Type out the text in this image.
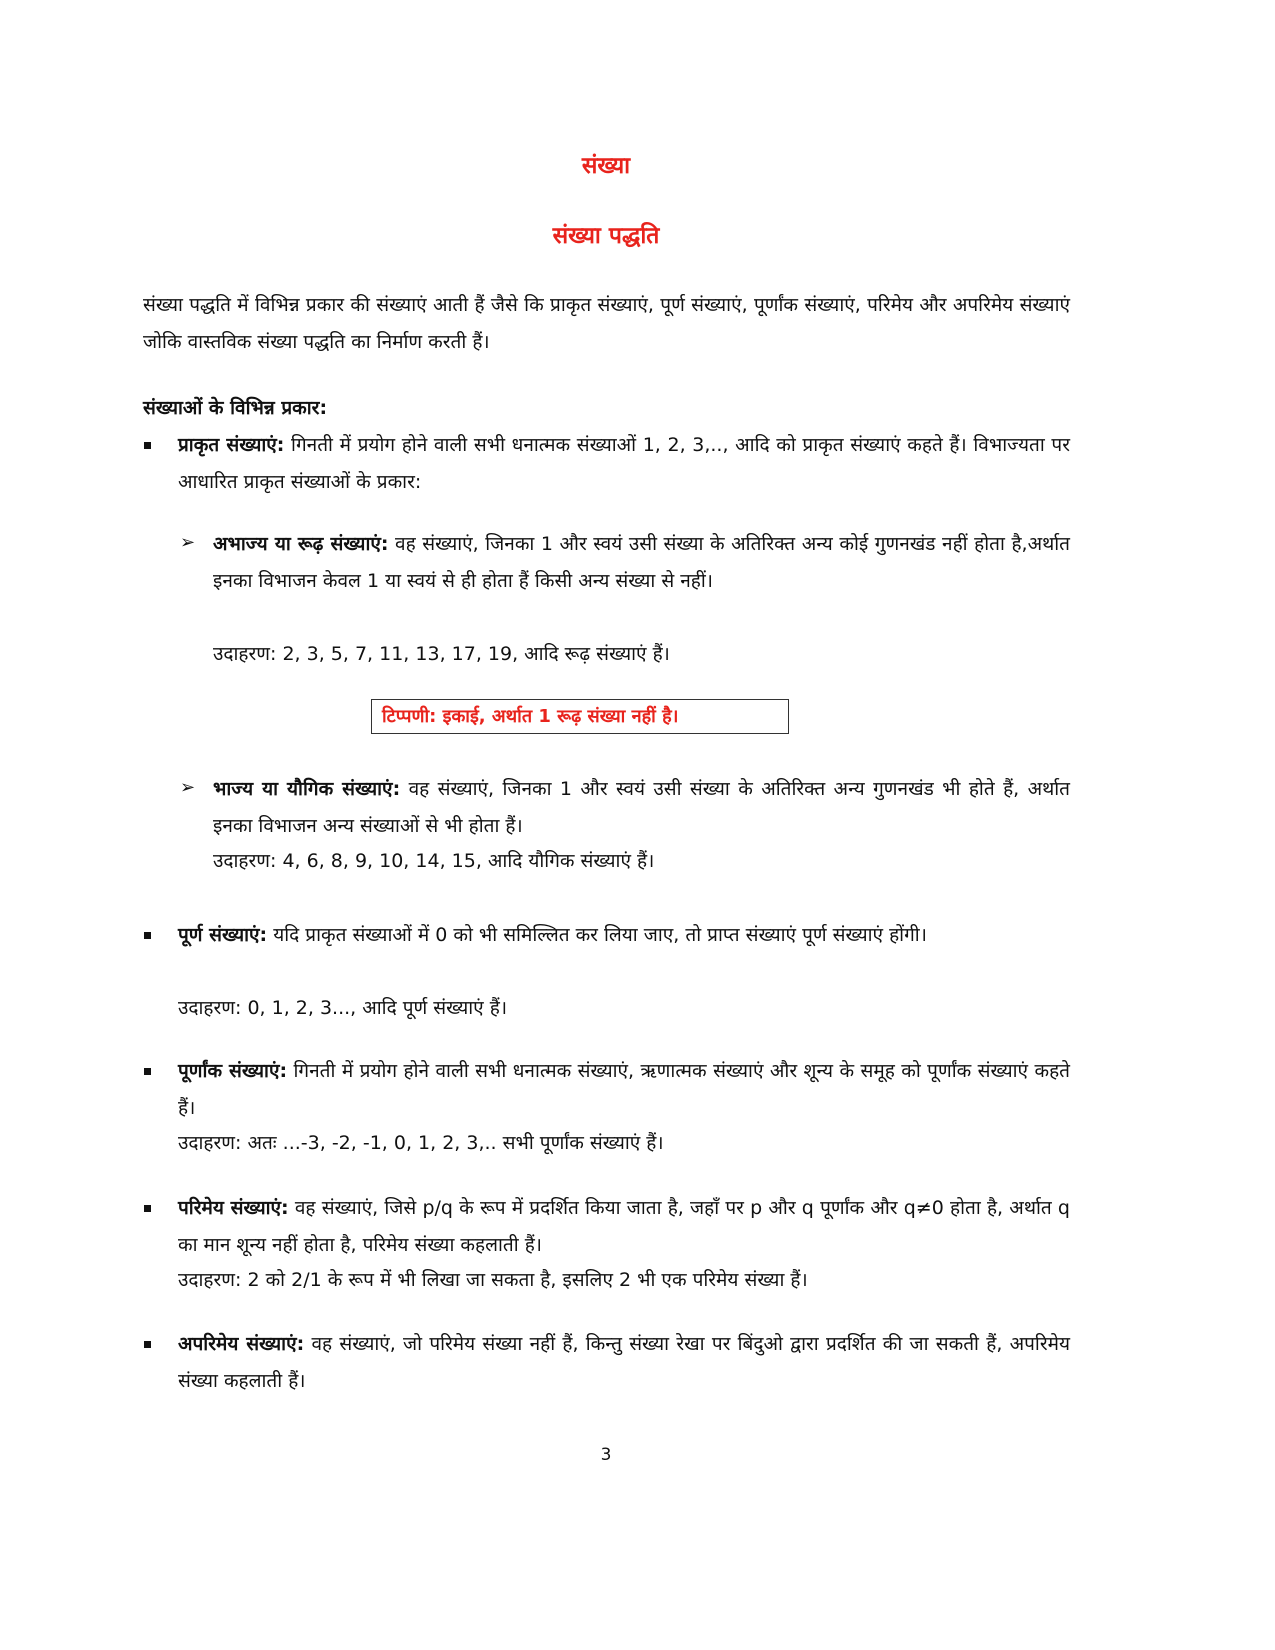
संख्या
संख्या पद्धति
संख्या पद्धति में विभिन्न प्रकार की संख्याएं आती हैं जैसे कि प्राकृत संख्याएं, पूर्ण संख्याएं, पूर्णांक संख्याएं, परिमेय और अपरिमेय संख्याएं जोकि वास्तविक संख्या पद्धति का निर्माण करती हैं।
संख्याओं के विभिन्न प्रकार:
प्राकृत संख्याएं: गिनती में प्रयोग होने वाली सभी धनात्मक संख्याओं 1, 2, 3,.., आदि को प्राकृत संख्याएं कहते हैं। विभाज्यता पर आधारित प्राकृत संख्याओं के प्रकार:
➢ अभाज्य या रूढ़ संख्याएं: वह संख्याएं, जिनका 1 और स्वयं उसी संख्या के अतिरिक्त अन्य कोई गुणनखंड नहीं होता है,अर्थात इनका विभाजन केवल 1 या स्वयं से ही होता हैं किसी अन्य संख्या से नहीं।
उदाहरण: 2, 3, 5, 7, 11, 13, 17, 19, आदि रूढ़ संख्याएं हैं।
टिप्पणी: इकाई, अर्थात 1 रूढ़ संख्या नहीं है।
➢ भाज्य या यौगिक संख्याएं: वह संख्याएं, जिनका 1 और स्वयं उसी संख्या के अतिरिक्त अन्य गुणनखंड भी होते हैं, अर्थात इनका विभाजन अन्य संख्याओं से भी होता हैं।
उदाहरण: 4, 6, 8, 9, 10, 14, 15, आदि यौगिक संख्याएं हैं।
पूर्ण संख्याएं: यदि प्राकृत संख्याओं में 0 को भी समिल्लित कर लिया जाए, तो प्राप्त संख्याएं पूर्ण संख्याएं होंगी।
उदाहरण: 0, 1, 2, 3..., आदि पूर्ण संख्याएं हैं।
पूर्णांक संख्याएं: गिनती में प्रयोग होने वाली सभी धनात्मक संख्याएं, ऋणात्मक संख्याएं और शून्य के समूह को पूर्णांक संख्याएं कहते हैं।
उदाहरण: अतः ...-3, -2, -1, 0, 1, 2, 3,.. सभी पूर्णांक संख्याएं हैं।
परिमेय संख्याएं: वह संख्याएं, जिसे p/q के रूप में प्रदर्शित किया जाता है, जहाँ पर p और q पूर्णांक और q≠0 होता है, अर्थात q का मान शून्य नहीं होता है, परिमेय संख्या कहलाती हैं।
उदाहरण: 2 को 2/1 के रूप में भी लिखा जा सकता है, इसलिए 2 भी एक परिमेय संख्या हैं।
अपरिमेय संख्याएं: वह संख्याएं, जो परिमेय संख्या नहीं हैं, किन्तु संख्या रेखा पर बिंदुओ द्वारा प्रदर्शित की जा सकती हैं, अपरिमेय संख्या कहलाती हैं।
3
